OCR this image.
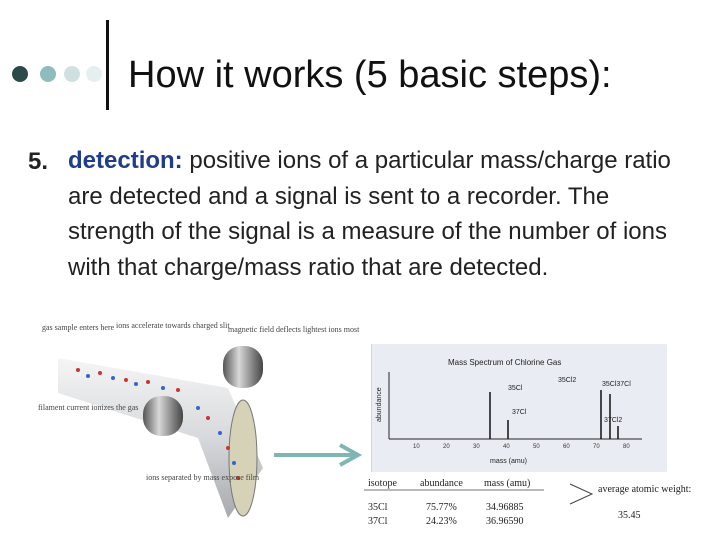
How it works (5 basic steps):
5. detection: positive ions of a particular mass/charge ratio are detected and a signal is sent to a recorder. The strength of the signal is a measure of the number of ions with that charge/mass ratio that are detected.
gas sample enters here ions accelerate towards charged slit
magnetic field deflects lightest ions most
filament current ionizes the gas
ions separated by mass expose film
Mass Spectrum of Chlorine Gas
abundance	35Cl
37Cl
35Cl2
35Cl37Cl
37Cl2
10	20	30	40	50	60	70	80
mass (amu)
isotope abundance mass (amu)
35Cl	75.77%	34.96885
37Cl	24.23%	36.96590
average atomic weight:
35.45
